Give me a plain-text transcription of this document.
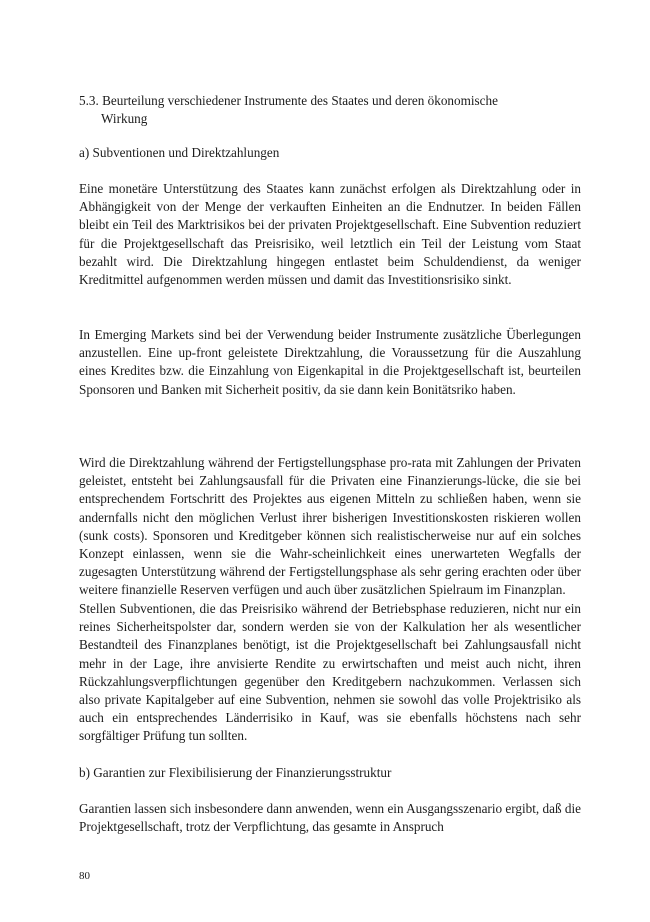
5.3. Beurteilung verschiedener Instrumente des Staates und deren ökonomische
Wirkung
a) Subventionen und Direktzahlungen

Eine monetäre Unterstützung des Staates kann zunächst erfolgen als Direktzahlung oder in Abhängigkeit von der Menge der verkauften Einheiten an die Endnutzer. In beiden Fällen bleibt ein Teil des Marktrisikos bei der privaten Projektgesellschaft. Eine Subvention reduziert für die Projektgesellschaft das Preisrisiko, weil letztlich ein Teil der Leistung vom Staat bezahlt wird. Die Direktzahlung hingegen entlastet beim Schuldendienst, da weniger Kreditmittel aufgenommen werden müssen und damit das Investitionsrisiko sinkt.

In Emerging Markets sind bei der Verwendung beider Instrumente zusätzliche Überlegungen anzustellen. Eine up-front geleistete Direktzahlung, die Voraussetzung für die Auszahlung eines Kredites bzw. die Einzahlung von Eigenkapital in die Projektgesellschaft ist, beurteilen Sponsoren und Banken mit Sicherheit positiv, da sie dann kein Bonitätsriko haben.

Wird die Direktzahlung während der Fertigstellungsphase pro-rata mit Zahlungen der Privaten geleistet, entsteht bei Zahlungsausfall für die Privaten eine Finanzierungs-lücke, die sie bei entsprechendem Fortschritt des Projektes aus eigenen Mitteln zu schließen haben, wenn sie andernfalls nicht den möglichen Verlust ihrer bisherigen Investitionskosten riskieren wollen (sunk costs). Sponsoren und Kreditgeber können sich realistischerweise nur auf ein solches Konzept einlassen, wenn sie die Wahr-scheinlichkeit eines unerwarteten Wegfalls der zugesagten Unterstützung während der Fertigstellungsphase als sehr gering erachten oder über weitere finanzielle Reserven verfügen und auch über zusätzlichen Spielraum im Finanzplan.

Stellen Subventionen, die das Preisrisiko während der Betriebsphase reduzieren, nicht nur ein reines Sicherheitspolster dar, sondern werden sie von der Kalkulation her als wesentlicher Bestandteil des Finanzplanes benötigt, ist die Projektgesellschaft bei Zahlungsausfall nicht mehr in der Lage, ihre anvisierte Rendite zu erwirtschaften und meist auch nicht, ihren Rückzahlungsverpflichtungen gegenüber den Kreditgebern nachzukommen. Verlassen sich also private Kapitalgeber auf eine Subvention, nehmen sie sowohl das volle Projektrisiko als auch ein entsprechendes Länderrisiko in Kauf, was sie ebenfalls höchstens nach sehr sorgfältiger Prüfung tun sollten.

b) Garantien zur Flexibilisierung der Finanzierungsstruktur

Garantien lassen sich insbesondere dann anwenden, wenn ein Ausgangsszenario ergibt, daß die Projektgesellschaft, trotz der Verpflichtung, das gesamte in Anspruch

80
